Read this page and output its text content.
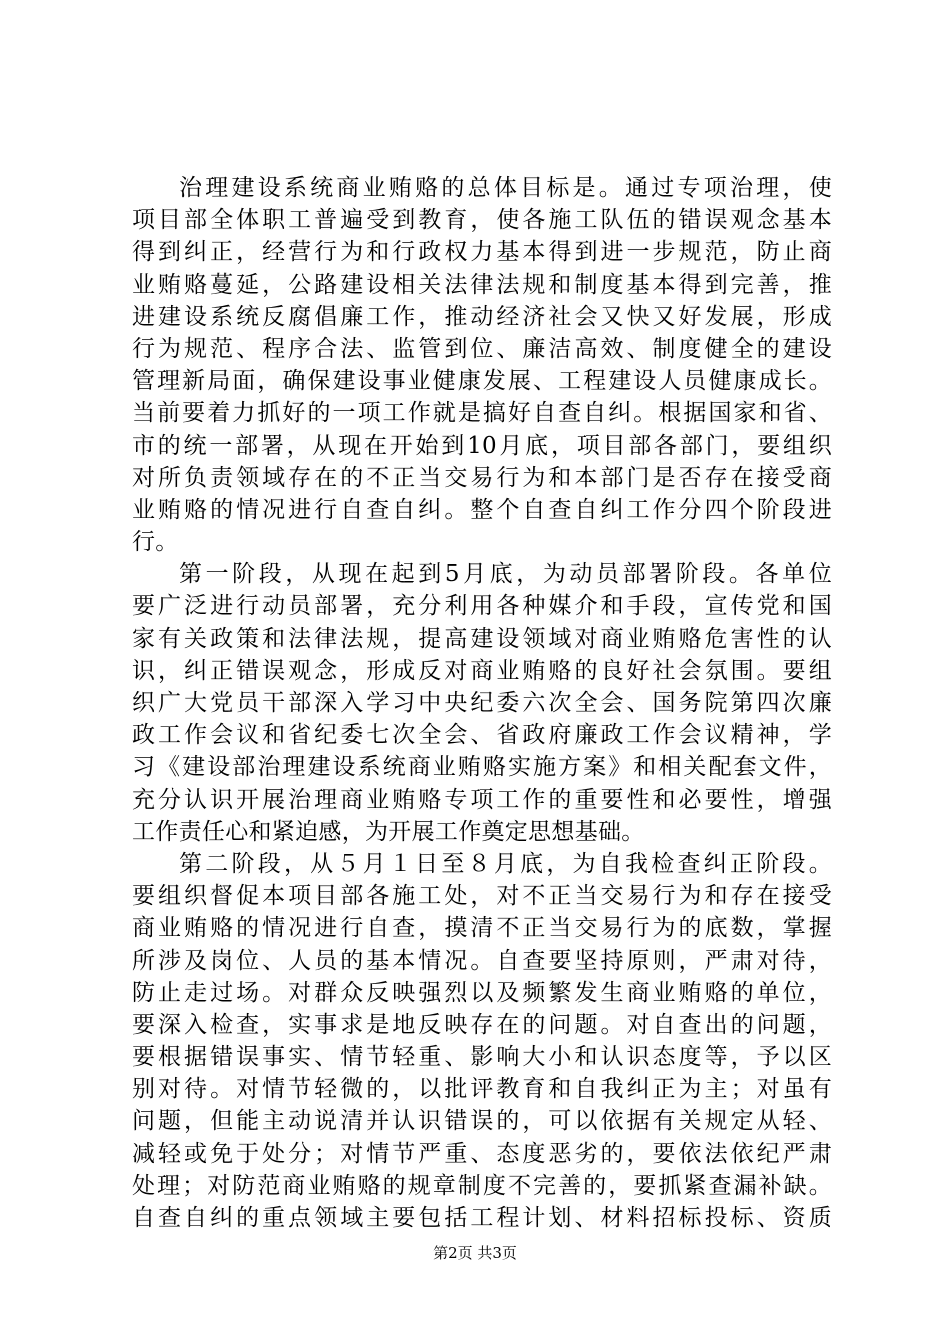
治理建设系统商业贿赂的总体目标是。通过专项治理，使
项目部全体职工普遍受到教育，使各施工队伍的错误观念基本
得到纠正，经营行为和行政权力基本得到进一步规范，防止商
业贿赂蔓延，公路建设相关法律法规和制度基本得到完善，推
进建设系统反腐倡廉工作，推动经济社会又快又好发展，形成
行为规范、程序合法、监管到位、廉洁高效、制度健全的建设
管理新局面，确保建设事业健康发展、工程建设人员健康成长。
当前要着力抓好的一项工作就是搞好自查自纠。根据国家和省、
市的统一部署，从现在开始到10月底，项目部各部门，要组织
对所负责领域存在的不正当交易行为和本部门是否存在接受商
业贿赂的情况进行自查自纠。整个自查自纠工作分四个阶段进
行。
第一阶段，从现在起到5月底，为动员部署阶段。各单位
要广泛进行动员部署，充分利用各种媒介和手段，宣传党和国
家有关政策和法律法规，提高建设领域对商业贿赂危害性的认
识，纠正错误观念，形成反对商业贿赂的良好社会氛围。要组
织广大党员干部深入学习中央纪委六次全会、国务院第四次廉
政工作会议和省纪委七次全会、省政府廉政工作会议精神，学
习《建设部治理建设系统商业贿赂实施方案》和相关配套文件，
充分认识开展治理商业贿赂专项工作的重要性和必要性，增强
工作责任心和紧迫感，为开展工作奠定思想基础。
第二阶段，从５月１日至８月底，为自我检查纠正阶段。
要组织督促本项目部各施工处，对不正当交易行为和存在接受
商业贿赂的情况进行自查，摸清不正当交易行为的底数，掌握
所涉及岗位、人员的基本情况。自查要坚持原则，严肃对待，
防止走过场。对群众反映强烈以及频繁发生商业贿赂的单位，
要深入检查，实事求是地反映存在的问题。对自查出的问题，
要根据错误事实、情节轻重、影响大小和认识态度等，予以区
别对待。对情节轻微的，以批评教育和自我纠正为主；对虽有
问题，但能主动说清并认识错误的，可以依据有关规定从轻、
减轻或免于处分；对情节严重、态度恶劣的，要依法依纪严肃
处理；对防范商业贿赂的规章制度不完善的，要抓紧查漏补缺。
自查自纠的重点领域主要包括工程计划、材料招标投标、资质
第2页 共3页
